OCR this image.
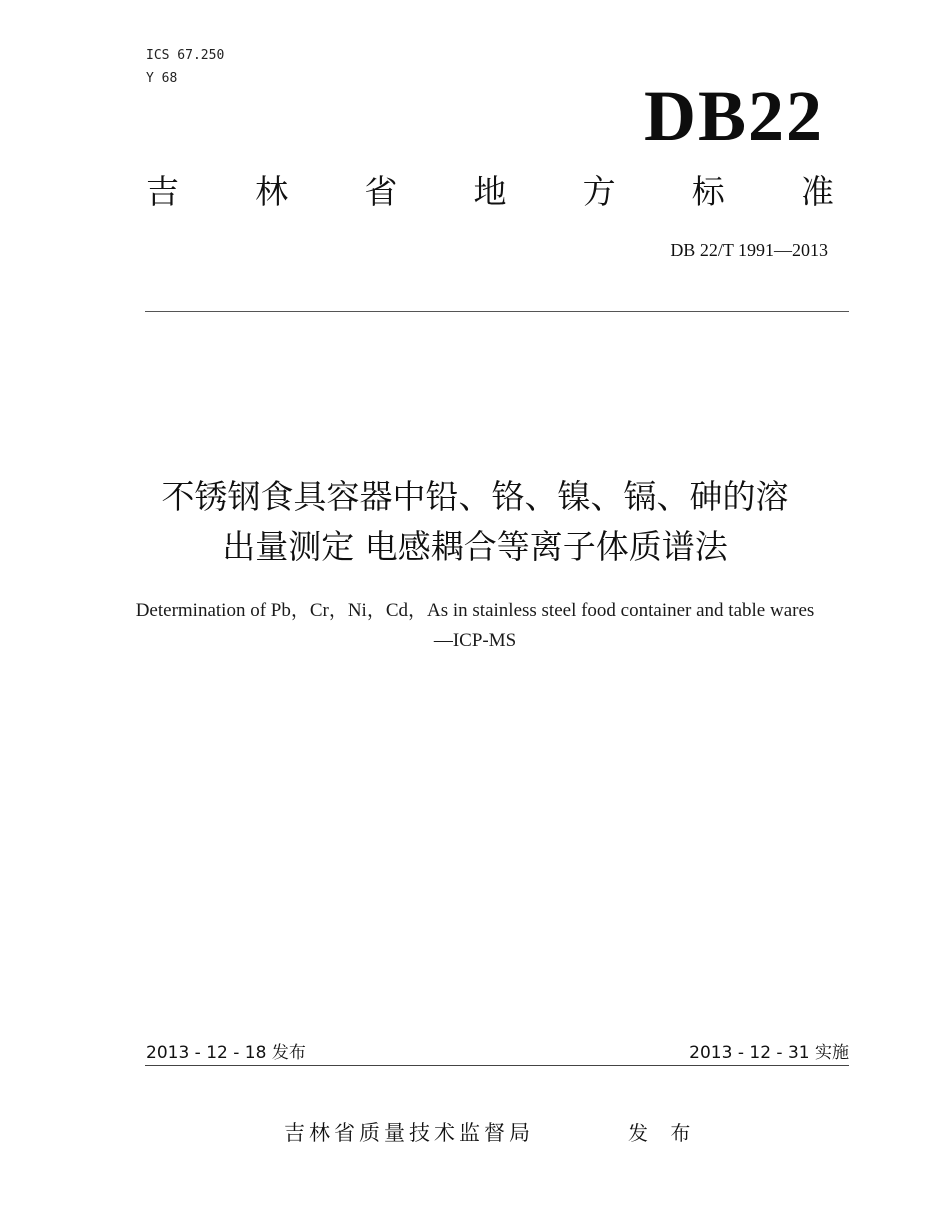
ICS 67.250
Y 68	DB22
吉 林 省 地 方 标 准
DB 22/T 1991—2013
不锈钢食具容器中铅、铬、镍、镉、砷的溶
出量测定 电感耦合等离子体质谱法
Determination of Pb，Cr，Ni，Cd，As in stainless steel food container and table wares
—ICP-MS
2013 - 12 - 18 发布	2013 - 12 - 31 实施
吉林省质量技术监督局	发 布
